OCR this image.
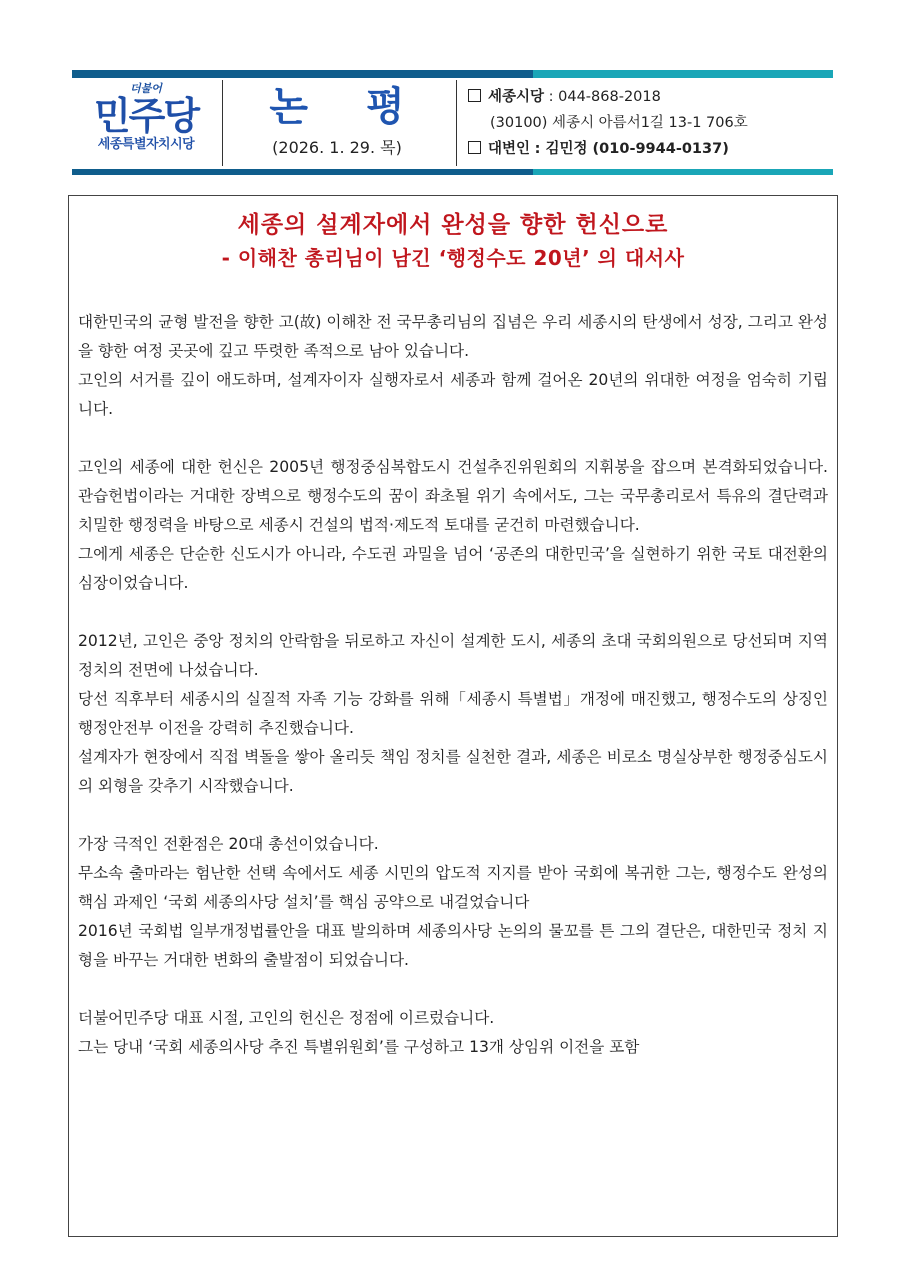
더불어
민주당
세종특별자치시당
논 평
(2026. 1. 29. 목)
세종시당 : 044-868-2018
(30100) 세종시 아름서1길 13-1 706호
대변인 : 김민정 (010-9944-0137)
세종의 설계자에서 완성을 향한 헌신으로
- 이해찬 총리님이 남긴 ‘행정수도 20년’ 의 대서사

대한민국의 균형 발전을 향한 고(故) 이해찬 전 국무총리님의 집념은 우리 세종시의 탄생에서 성장, 그리고 완성을 향한 여정 곳곳에 깊고 뚜렷한 족적으로 남아 있습니다.

고인의 서거를 깊이 애도하며, 설계자이자 실행자로서 세종과 함께 걸어온 20년의 위대한 여정을 엄숙히 기립니다.

고인의 세종에 대한 헌신은 2005년 행정중심복합도시 건설추진위원회의 지휘봉을 잡으며 본격화되었습니다. 관습헌법이라는 거대한 장벽으로 행정수도의 꿈이 좌초될 위기 속에서도, 그는 국무총리로서 특유의 결단력과 치밀한 행정력을 바탕으로 세종시 건설의 법적·제도적 토대를 굳건히 마련했습니다.

그에게 세종은 단순한 신도시가 아니라, 수도권 과밀을 넘어 ‘공존의 대한민국’을 실현하기 위한 국토 대전환의 심장이었습니다.

2012년, 고인은 중앙 정치의 안락함을 뒤로하고 자신이 설계한 도시, 세종의 초대 국회의원으로 당선되며 지역 정치의 전면에 나섰습니다.

당선 직후부터 세종시의 실질적 자족 기능 강화를 위해「세종시 특별법」개정에 매진했고, 행정수도의 상징인 행정안전부 이전을 강력히 추진했습니다.

설계자가 현장에서 직접 벽돌을 쌓아 올리듯 책임 정치를 실천한 결과, 세종은 비로소 명실상부한 행정중심도시의 외형을 갖추기 시작했습니다.

가장 극적인 전환점은 20대 총선이었습니다.

무소속 출마라는 험난한 선택 속에서도 세종 시민의 압도적 지지를 받아 국회에 복귀한 그는, 행정수도 완성의 핵심 과제인 ‘국회 세종의사당 설치’를 핵심 공약으로 내걸었습니다

2016년 국회법 일부개정법률안을 대표 발의하며 세종의사당 논의의 물꼬를 튼 그의 결단은, 대한민국 정치 지형을 바꾸는 거대한 변화의 출발점이 되었습니다.

더불어민주당 대표 시절, 고인의 헌신은 정점에 이르렀습니다.

그는 당내 ‘국회 세종의사당 추진 특별위원회’를 구성하고 13개 상임위 이전을 포함
